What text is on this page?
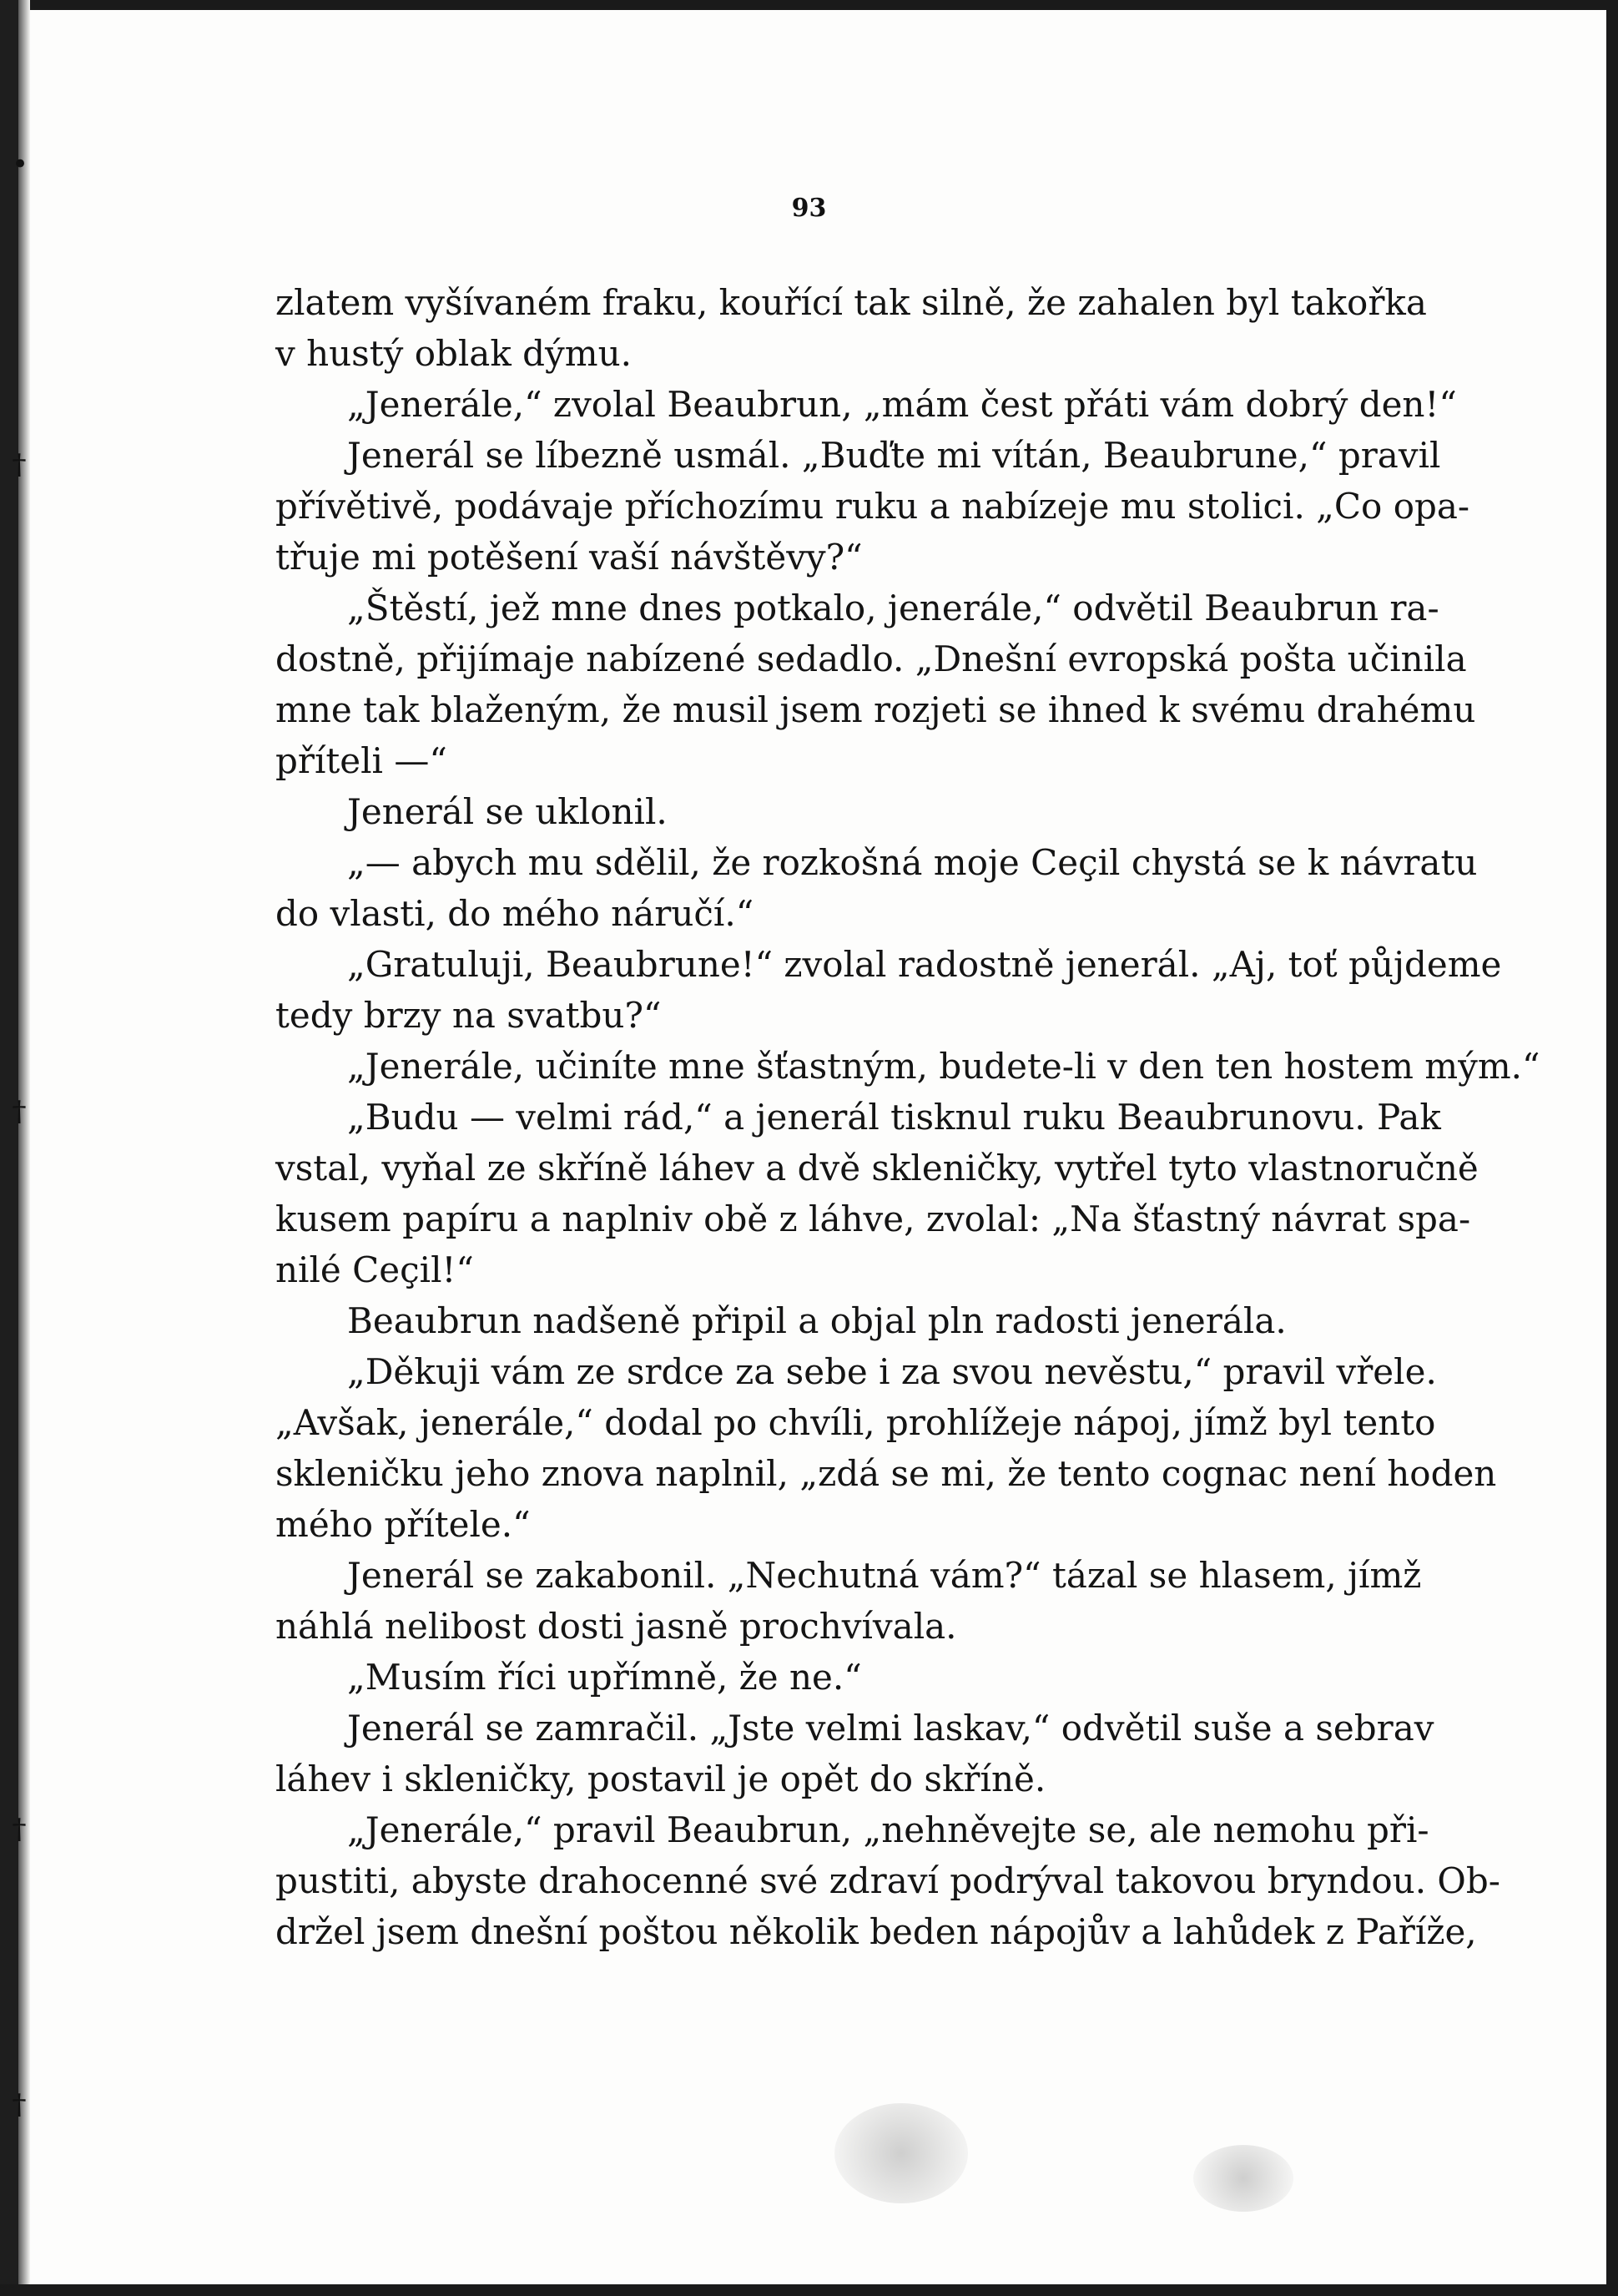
•
†
†
†
†
93
zlatem vyšívaném fraku, kouřící tak silně, že zahalen byl takořka
v hustý oblak dýmu.
„Jenerále,“ zvolal Beaubrun, „mám čest přáti vám dobrý den!“
Jenerál se líbezně usmál. „Buďte mi vítán, Beaubrune,“ pravil
přívětivě, podávaje příchozímu ruku a nabízeje mu stolici. „Co opa-
třuje mi potěšení vaší návštěvy?“
„Štěstí, jež mne dnes potkalo, jenerále,“ odvětil Beaubrun ra-
dostně, přijímaje nabízené sedadlo. „Dnešní evropská pošta učinila
mne tak blaženým, že musil jsem rozjeti se ihned k svému drahému
příteli —“
Jenerál se uklonil.
„— abych mu sdělil, že rozkošná moje Ceçil chystá se k návratu
do vlasti, do mého náručí.“
„Gratuluji, Beaubrune!“ zvolal radostně jenerál. „Aj, toť půjdeme
tedy brzy na svatbu?“
„Jenerále, učiníte mne šťastným, budete-li v den ten hostem mým.“
„Budu — velmi rád,“ a jenerál tisknul ruku Beaubrunovu. Pak
vstal, vyňal ze skříně láhev a dvě skleničky, vytřel tyto vlastnoručně
kusem papíru a naplniv obě z láhve, zvolal: „Na šťastný návrat spa-
nilé Ceçil!“
Beaubrun nadšeně připil a objal pln radosti jenerála.
„Děkuji vám ze srdce za sebe i za svou nevěstu,“ pravil vřele.
„Avšak, jenerále,“ dodal po chvíli, prohlížeje nápoj, jímž byl tento
skleničku jeho znova naplnil, „zdá se mi, že tento cognac není hoden
mého přítele.“
Jenerál se zakabonil. „Nechutná vám?“ tázal se hlasem, jímž
náhlá nelibost dosti jasně prochvívala.
„Musím říci upřímně, že ne.“
Jenerál se zamračil. „Jste velmi laskav,“ odvětil suše a sebrav
láhev i skleničky, postavil je opět do skříně.
„Jenerále,“ pravil Beaubrun, „nehněvejte se, ale nemohu při-
pustiti, abyste drahocenné své zdraví podrýval takovou bryndou. Ob-
držel jsem dnešní poštou několik beden nápojův a lahůdek z Paříže,
